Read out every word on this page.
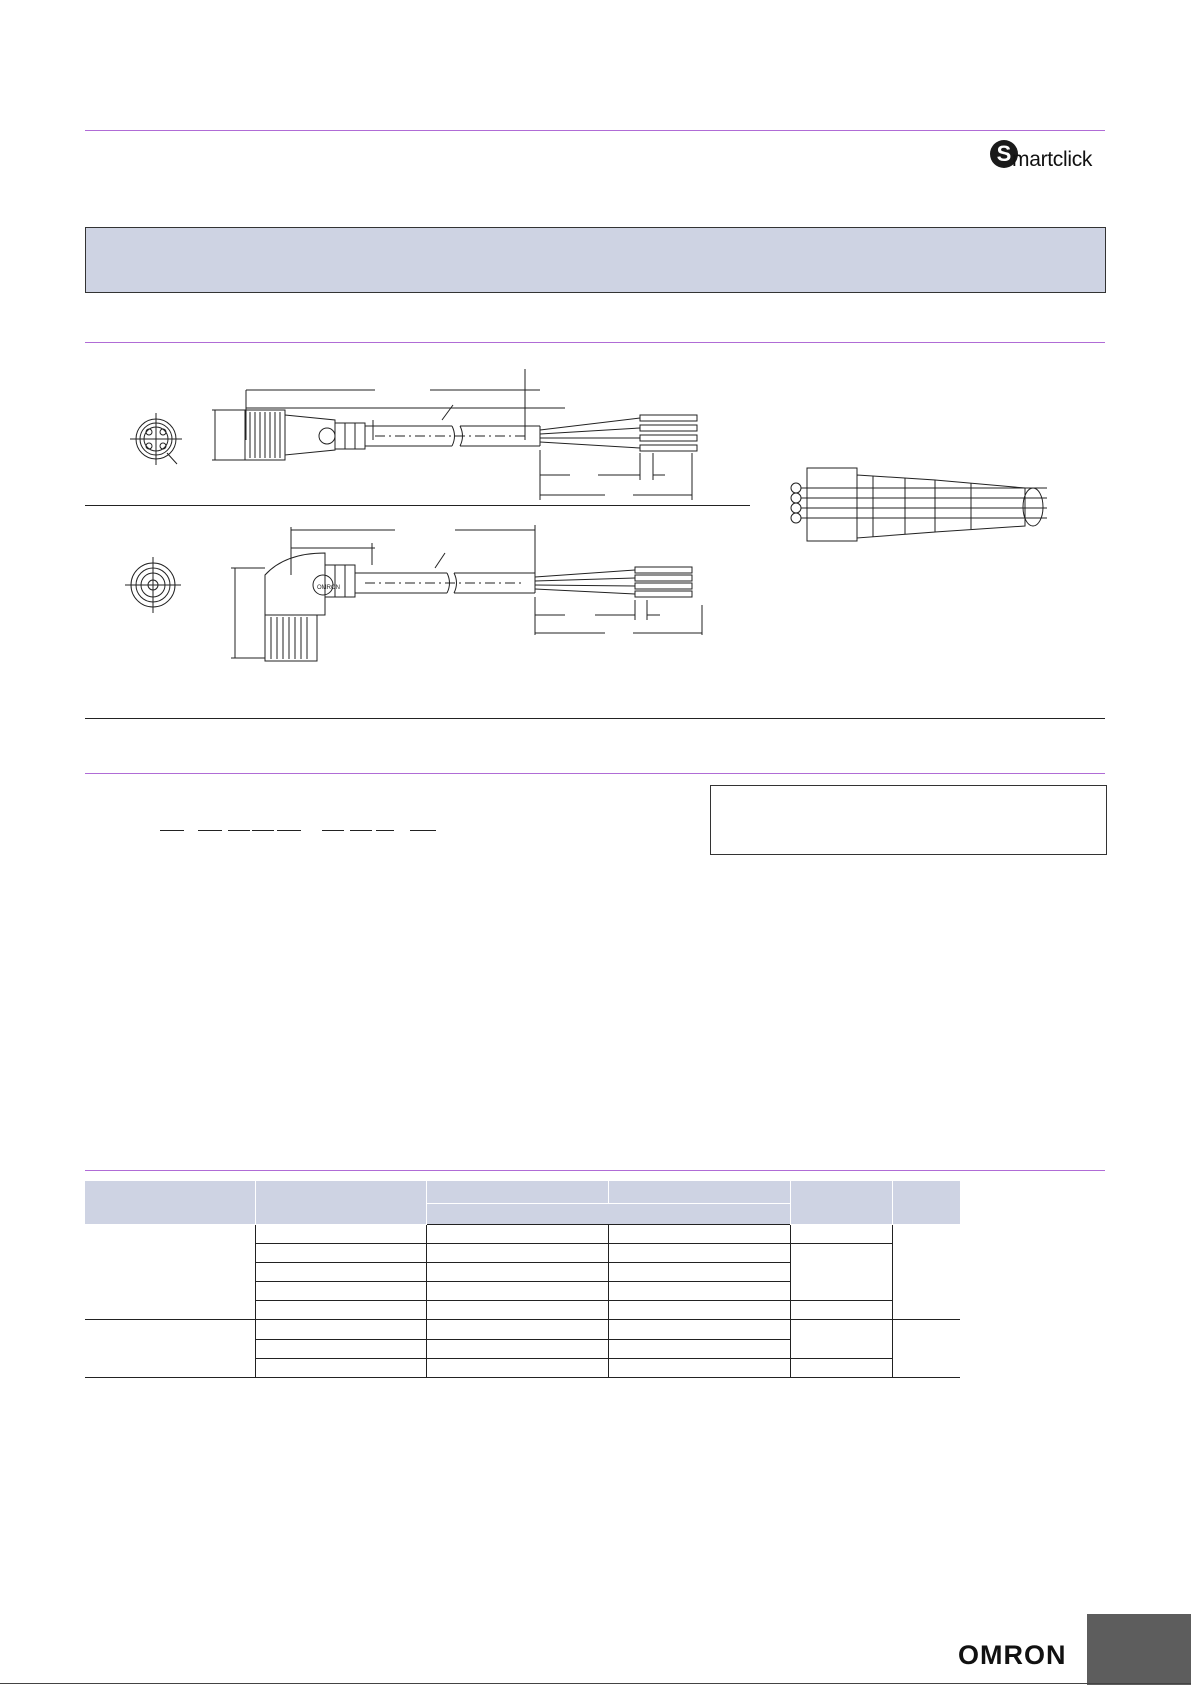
S martclick
OMRON

OMRON
